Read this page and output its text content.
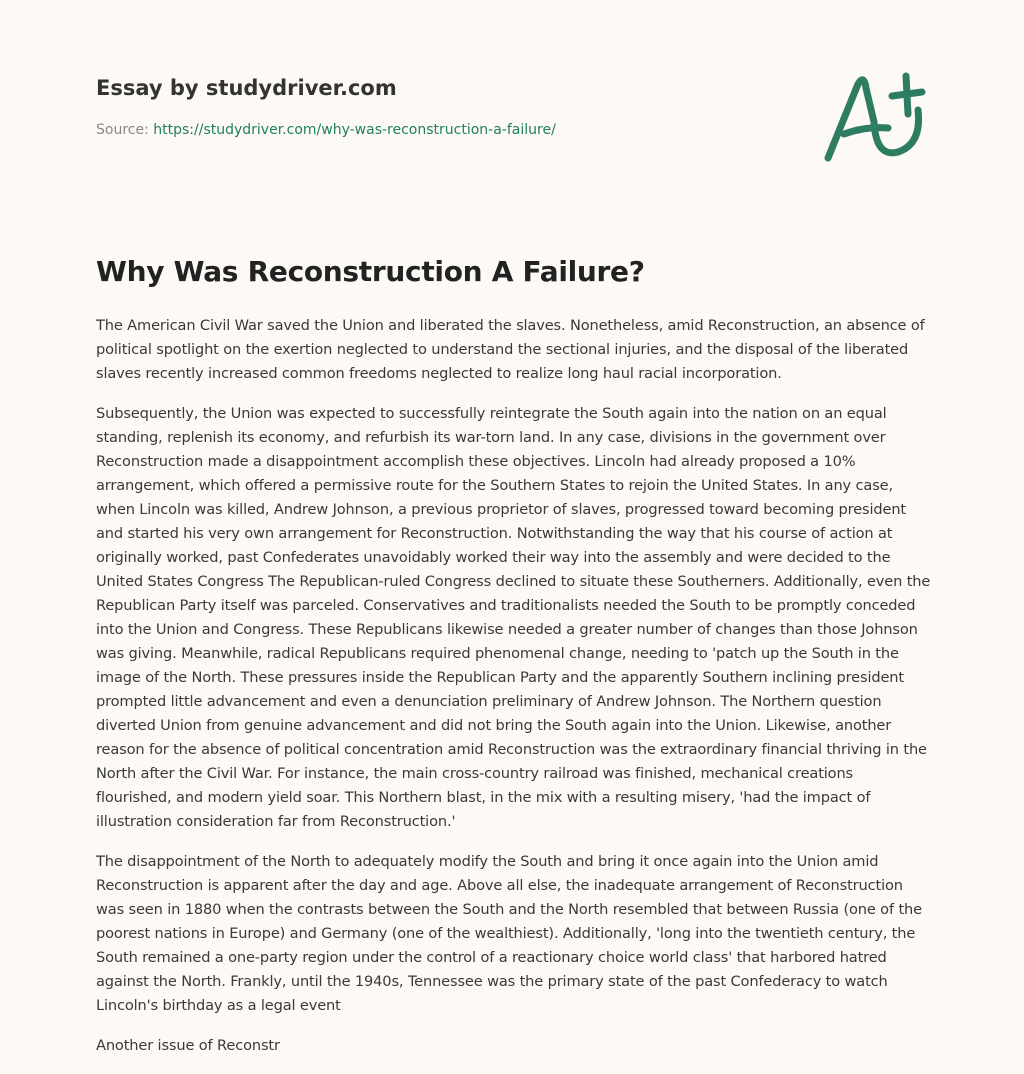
Essay by studydriver.com
Source: https://studydriver.com/why-was-reconstruction-a-failure/
Why Was Reconstruction A Failure?

The American Civil War saved the Union and liberated the slaves. Nonetheless, amid Reconstruction, an absence of political spotlight on the exertion neglected to understand the sectional injuries, and the disposal of the liberated slaves recently increased common freedoms neglected to realize long haul racial incorporation.

Subsequently, the Union was expected to successfully reintegrate the South again into the nation on an equal standing, replenish its economy, and refurbish its war-torn land. In any case, divisions in the government over Reconstruction made a disappointment accomplish these objectives. Lincoln had already proposed a 10% arrangement, which offered a permissive route for the Southern States to rejoin the United States. In any case, when Lincoln was killed, Andrew Johnson, a previous proprietor of slaves, progressed toward becoming president and started his very own arrangement for Reconstruction. Notwithstanding the way that his course of action at originally worked, past Confederates unavoidably worked their way into the assembly and were decided to the United States Congress The Republican-ruled Congress declined to situate these Southerners. Additionally, even the Republican Party itself was parceled. Conservatives and traditionalists needed the South to be promptly conceded into the Union and Congress. These Republicans likewise needed a greater number of changes than those Johnson was giving. Meanwhile, radical Republicans required phenomenal change, needing to 'patch up the South in the image of the North. These pressures inside the Republican Party and the apparently Southern inclining president prompted little advancement and even a denunciation preliminary of Andrew Johnson. The Northern question diverted Union from genuine advancement and did not bring the South again into the Union. Likewise, another reason for the absence of political concentration amid Reconstruction was the extraordinary financial thriving in the North after the Civil War. For instance, the main cross-country railroad was finished, mechanical creations flourished, and modern yield soar. This Northern blast, in the mix with a resulting misery, 'had the impact of illustration consideration far from Reconstruction.'

The disappointment of the North to adequately modify the South and bring it once again into the Union amid Reconstruction is apparent after the day and age. Above all else, the inadequate arrangement of Reconstruction was seen in 1880 when the contrasts between the South and the North resembled that between Russia (one of the poorest nations in Europe) and Germany (one of the wealthiest). Additionally, 'long into the twentieth century, the South remained a one-party region under the control of a reactionary choice world class' that harbored hatred against the North. Frankly, until the 1940s, Tennessee was the primary state of the past Confederacy to watch Lincoln's birthday as a legal event

Another issue of Reconstr
